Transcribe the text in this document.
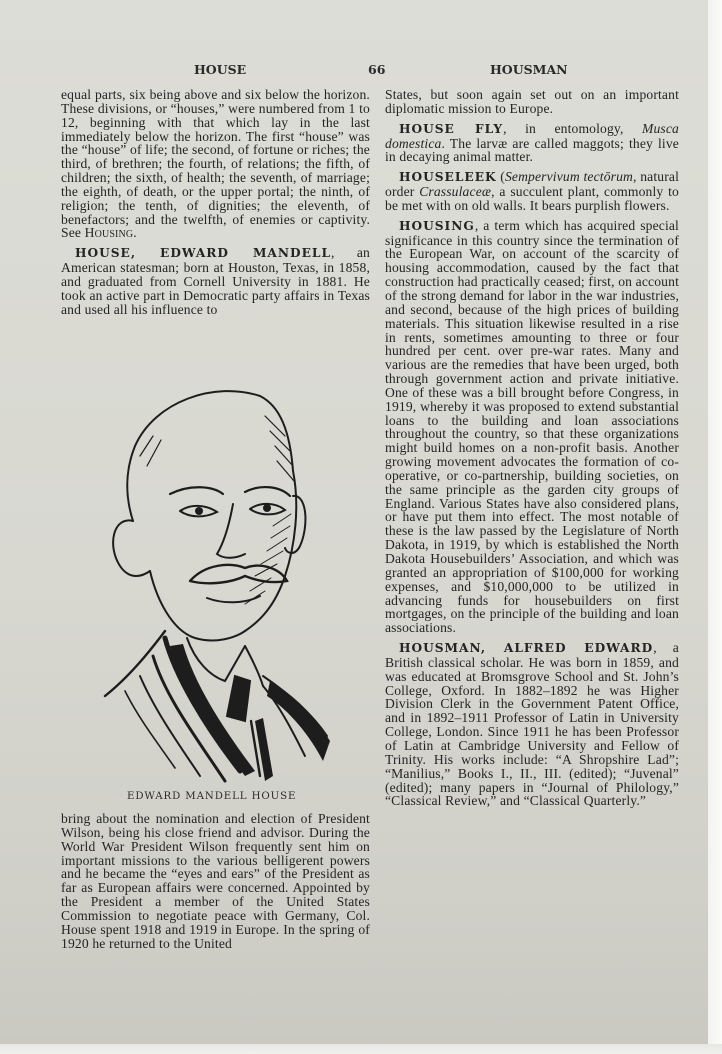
HOUSE	66	HOUSMAN

equal parts, six being above and six below the horizon. These divisions, or “houses,” were numbered from 1 to 12, beginning with that which lay in the last immediately below the horizon. The first “house” was the “house” of life; the second, of fortune or riches; the third, of brethren; the fourth, of relations; the fifth, of children; the sixth, of health; the seventh, of marriage; the eighth, of death, or the upper portal; the ninth, of religion; the tenth, of dignities; the eleventh, of benefactors; and the twelfth, of enemies or captivity. See Housing.

HOUSE, EDWARD MANDELL, an American statesman; born at Houston, Texas, in 1858, and graduated from Cornell University in 1881. He took an active part in Democratic party affairs in Texas and used all his influence to

EDWARD MANDELL HOUSE

bring about the nomination and election of President Wilson, being his close friend and advisor. During the World War President Wilson frequently sent him on important missions to the various belligerent powers and he became the “eyes and ears” of the President as far as European affairs were concerned. Appointed by the President a member of the United States Commission to negotiate peace with Germany, Col. House spent 1918 and 1919 in Europe. In the spring of 1920 he returned to the United

States, but soon again set out on an important diplomatic mission to Europe.

HOUSE FLY, in entomology, Musca domestica. The larvæ are called maggots; they live in decaying animal matter.

HOUSELEEK (Sempervivum tectōrum, natural order Crassulaceæ, a succulent plant, commonly to be met with on old walls. It bears purplish flowers.

HOUSING, a term which has acquired special significance in this country since the termination of the European War, on account of the scarcity of housing accommodation, caused by the fact that construction had practically ceased; first, on account of the strong demand for labor in the war industries, and second, because of the high prices of building materials. This situation likewise resulted in a rise in rents, sometimes amounting to three or four hundred per cent. over pre-war rates. Many and various are the remedies that have been urged, both through government action and private initiative. One of these was a bill brought before Congress, in 1919, whereby it was proposed to extend substantial loans to the building and loan associations throughout the country, so that these organizations might build homes on a non-profit basis. Another growing movement advocates the formation of co-operative, or co-partnership, building societies, on the same principle as the garden city groups of England. Various States have also considered plans, or have put them into effect. The most notable of these is the law passed by the Legislature of North Dakota, in 1919, by which is established the North Dakota Housebuilders’ Association, and which was granted an appropriation of $100,000 for working expenses, and $10,000,000 to be utilized in advancing funds for housebuilders on first mortgages, on the principle of the building and loan associations.

HOUSMAN, ALFRED EDWARD, a British classical scholar. He was born in 1859, and was educated at Bromsgrove School and St. John’s College, Oxford. In 1882–1892 he was Higher Division Clerk in the Government Patent Office, and in 1892–1911 Professor of Latin in University College, London. Since 1911 he has been Professor of Latin at Cambridge University and Fellow of Trinity. His works include: “A Shropshire Lad”; “Manilius,” Books I., II., III. (edited); “Juvenal” (edited); many papers in “Journal of Philology,” “Classical Review,” and “Classical Quarterly.”
